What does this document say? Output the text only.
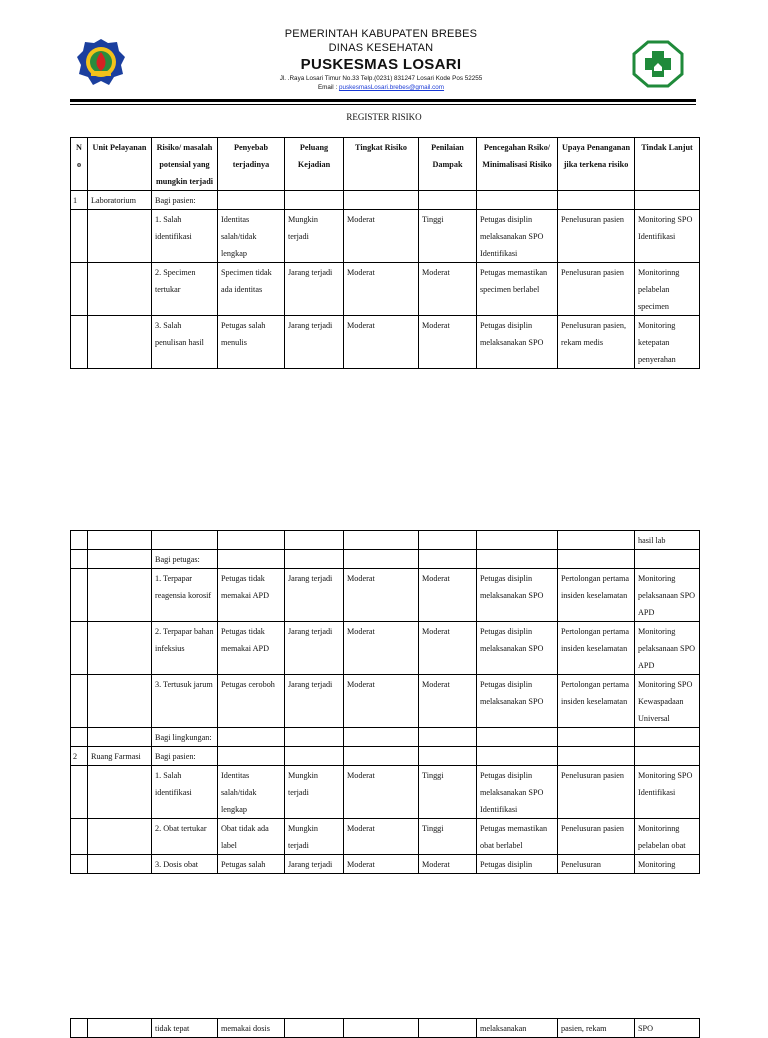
PEMERINTAH KABUPATEN BREBES
DINAS KESEHATAN
PUSKESMAS LOSARI
Jl. .Raya Losari Timur No.33 Telp.(0231) 831247 Losari Kode Pos 52255
Email : puskesmasLosari.brebes@gmail.com
REGISTER RISIKO
N o	Unit Pelayanan	Risiko/ masalah potensial yang mungkin terjadi	Penyebab terjadinya	Peluang Kejadian	Tingkat Risiko	Penilaian Dampak	Pencegahan Rsiko/ Minimalisasi Risiko	Upaya Penanganan jika terkena risiko	Tindak Lanjut
1	Laboratorium	Bagi pasien:							
		1. Salah identifikasi	Identitas salah/tidak lengkap	Mungkin terjadi	Moderat	Tinggi	Petugas disiplin melaksanakan SPO Identifikasi	Penelusuran pasien	Monitoring SPO Identifikasi
		2. Specimen tertukar	Specimen tidak ada identitas	Jarang terjadi	Moderat	Moderat	Petugas memastikan specimen berlabel	Penelusuran pasien	Monitorinng pelabelan specimen
		3. Salah penulisan hasil	Petugas salah menulis	Jarang terjadi	Moderat	Moderat	Petugas disiplin melaksanakan SPO	Penelusuran pasien, rekam medis	Monitoring ketepatan penyerahan
									hasil lab
		Bagi petugas:							
		1. Terpapar reagensia korosif	Petugas tidak memakai APD	Jarang terjadi	Moderat	Moderat	Petugas disiplin melaksanakan SPO	Pertolongan pertama insiden keselamatan	Monitoring pelaksanaan SPO APD
		2. Terpapar bahan infeksius	Petugas tidak memakai APD	Jarang terjadi	Moderat	Moderat	Petugas disiplin melaksanakan SPO	Pertolongan pertama insiden keselamatan	Monitoring pelaksanaan SPO APD
		3. Tertusuk jarum	Petugas ceroboh	Jarang terjadi	Moderat	Moderat	Petugas disiplin melaksanakan SPO	Pertolongan pertama insiden keselamatan	Monitoring SPO Kewaspadaan Universal
		Bagi lingkungan:							
2	Ruang Farmasi	Bagi pasien:							
		1. Salah identifikasi	Identitas salah/tidak lengkap	Mungkin terjadi	Moderat	Tinggi	Petugas disiplin melaksanakan SPO Identifikasi	Penelusuran pasien	Monitoring SPO Identifikasi
		2. Obat tertukar	Obat tidak ada label	Mungkin terjadi	Moderat	Tinggi	Petugas memastikan obat berlabel	Penelusuran pasien	Monitorinng pelabelan obat
		3. Dosis obat	Petugas salah	Jarang terjadi	Moderat	Moderat	Petugas disiplin	Penelusuran	Monitoring
		tidak tepat	memakai dosis				melaksanakan	pasien, rekam	SPO
